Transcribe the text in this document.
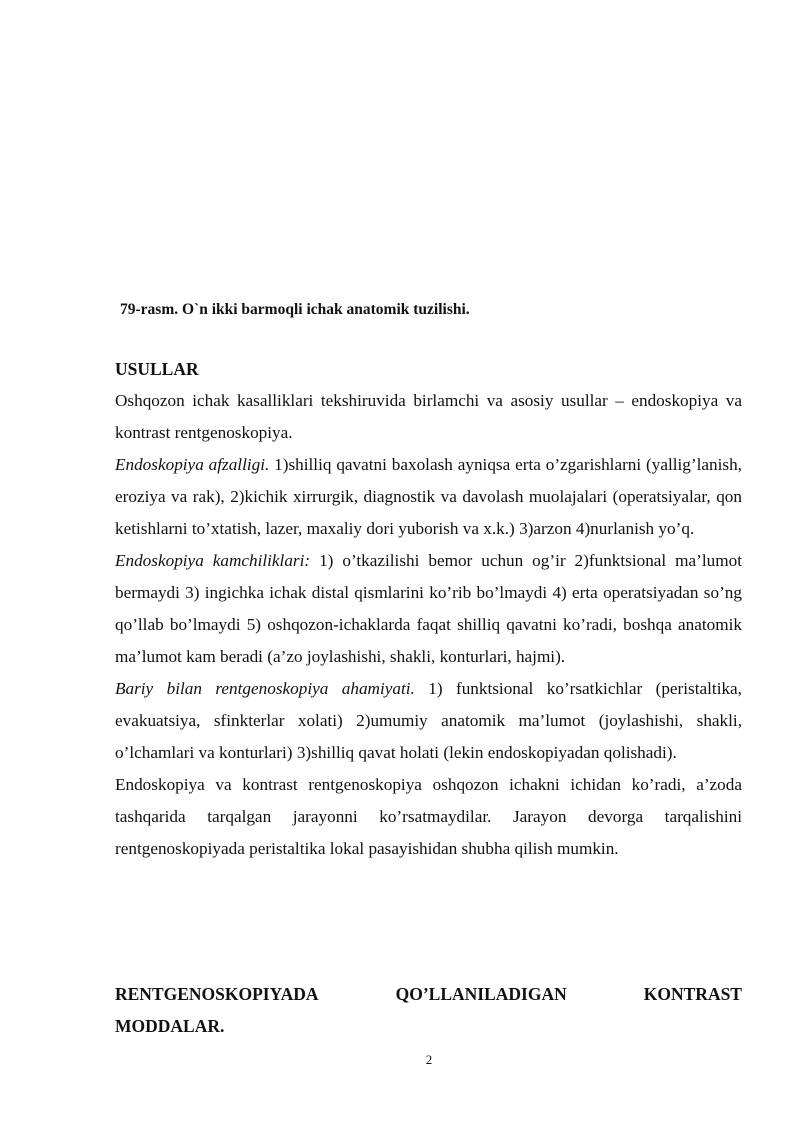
79-rasm. O`n ikki barmoqli ichak anatomik tuzilishi.

USULLAR

Oshqozon ichak kasalliklari tekshiruvida birlamchi va asosiy usullar – endoskopiya va kontrast rentgenoskopiya.

Endoskopiya afzalligi. 1)shilliq qavatni baxolash ayniqsa erta o’zgarishlarni (yallig’lanish, eroziya va rak), 2)kichik xirrurgik, diagnostik va davolash muolajalari (operatsiyalar, qon ketishlarni to’xtatish, lazer, maxaliy dori yuborish va x.k.) 3)arzon 4)nurlanish yo’q.

Endoskopiya kamchiliklari: 1) o’tkazilishi bemor uchun og’ir 2)funktsional ma’lumot bermaydi 3) ingichka ichak distal qismlarini ko’rib bo’lmaydi 4) erta operatsiyadan so’ng qo’llab bo’lmaydi 5) oshqozon-ichaklarda faqat shilliq qavatni ko’radi, boshqa anatomik ma’lumot kam beradi (a’zo joylashishi, shakli, konturlari, hajmi).

Bariy bilan rentgenoskopiya ahamiyati. 1) funktsional ko’rsatkichlar (peristaltika, evakuatsiya, sfinkterlar xolati) 2)umumiy anatomik ma’lumot (joylashishi, shakli, o’lchamlari va konturlari) 3)shilliq qavat holati (lekin endoskopiyadan qolishadi).

Endoskopiya va kontrast rentgenoskopiya oshqozon ichakni ichidan ko’radi, a’zoda tashqarida tarqalgan jarayonni ko’rsatmaydilar. Jarayon devorga tarqalishini rentgenoskopiyada peristaltika lokal pasayishidan shubha qilish mumkin.

RENTGENOSKOPIYADA	QO’LLANILADIGAN	KONTRAST
MODDALAR.
2
